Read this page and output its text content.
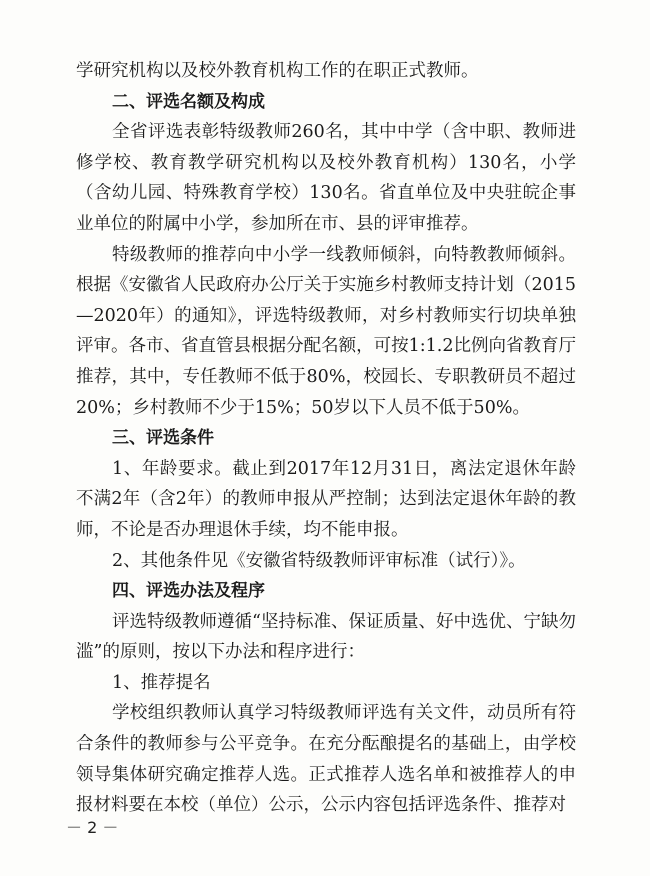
学研究机构以及校外教育机构工作的在职正式教师。

二、评选名额及构成

全省评选表彰特级教师260名，其中中学（含中职、教师进修学校、教育教学研究机构以及校外教育机构）130名，小学（含幼儿园、特殊教育学校）130名。省直单位及中央驻皖企事业单位的附属中小学，参加所在市、县的评审推荐。

特级教师的推荐向中小学一线教师倾斜，向特教教师倾斜。根据《安徽省人民政府办公厅关于实施乡村教师支持计划（2015—2020年）的通知》，评选特级教师，对乡村教师实行切块单独评审。各市、省直管县根据分配名额，可按1:1.2比例向省教育厅推荐，其中，专任教师不低于80%，校园长、专职教研员不超过20%；乡村教师不少于15%；50岁以下人员不低于50%。

三、评选条件

1、年龄要求。截止到2017年12月31日，离法定退休年龄不满2年（含2年）的教师申报从严控制；达到法定退休年龄的教师，不论是否办理退休手续，均不能申报。

2、其他条件见《安徽省特级教师评审标准（试行）》。

四、评选办法及程序

评选特级教师遵循“坚持标准、保证质量、好中选优、宁缺勿滥”的原则，按以下办法和程序进行：

1、推荐提名

学校组织教师认真学习特级教师评选有关文件，动员所有符合条件的教师参与公平竞争。在充分酝酿提名的基础上，由学校领导集体研究确定推荐人选。正式推荐人选名单和被推荐人的申报材料要在本校（单位）公示，公示内容包括评选条件、推荐对

－ 2 －
